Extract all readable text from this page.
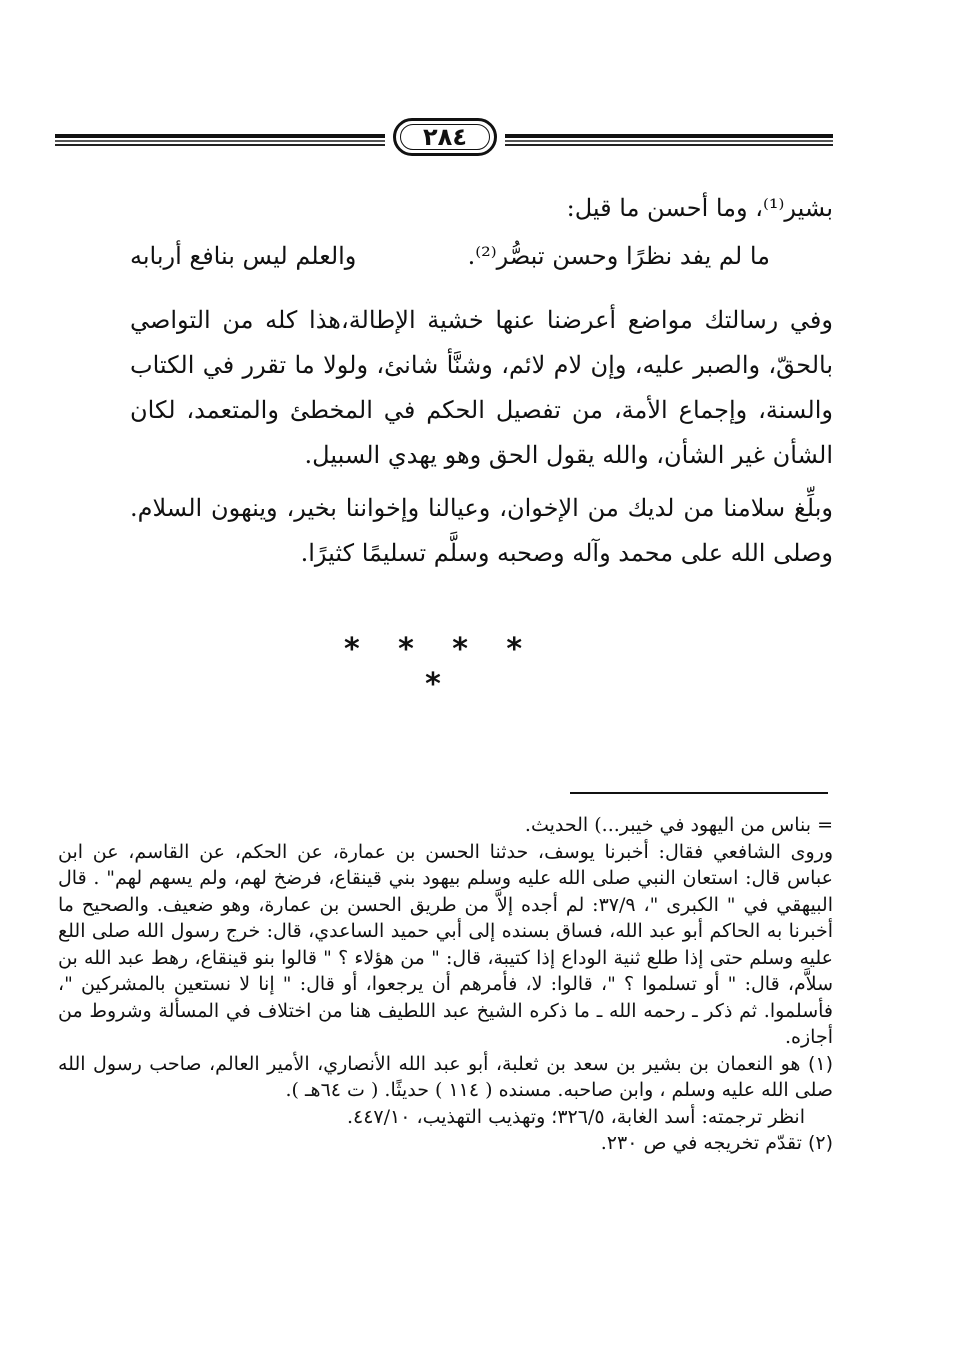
٢٨٤
بشير⁽¹⁾، وما أحسن ما قيل:
والعلم ليس بنافع أربابه	ما لم يفد نظرًا وحسن تبصُّر⁽²⁾.

وفي رسالتك مواضع أعرضنا عنها خشية الإطالة،هذا كله من التواصي بالحقّ، والصبر عليه، وإن لام لائم، وشنَّأ شانئ، ولولا ما تقرر في الكتاب والسنة، وإجماع الأمة، من تفصيل الحكم في المخطئ والمتعمد، لكان الشأن غير الشأن، والله يقول الحق وهو يهدي السبيل.

وبلِّغ سلامنا من لديك من الإخوان، وعيالنا وإخواننا بخير، وينهون السلام. وصلى الله على محمد وآله وصحبه وسلَّم تسليمًا كثيرًا.

* * * * *

= بناس من اليهود في خيبر...) الحديث.

وروى الشافعي فقال: أخبرنا يوسف، حدثنا الحسن بن عمارة، عن الحكم، عن القاسم، عن ابن عباس قال: استعان النبي صلى الله عليه وسلم بيهود بني قينقاع، فرضخ لهم، ولم يسهم لهم" . قال البيهقي في " الكبرى "، ٣٧/٩: لم أجده إلاَّ من طريق الحسن بن عمارة، وهو ضعيف. والصحيح ما أخبرنا به الحاكم أبو عبد الله، فساق بسنده إلى أبي حميد الساعدي، قال: خرج رسول الله صلى اللع عليه وسلم حتى إذا طلع ثنية الوداع إذا كتيبة، قال: " من هؤلاء ؟ " قالوا بنو قينقاع، رهط عبد الله بن سلاَّم، قال: " أو تسلموا ؟ "، قالوا: لا، فأمرهم أن يرجعوا، أو قال: " إنا لا نستعين بالمشركين "، فأسلموا. ثم ذكر ـ رحمه الله ـ ما ذكره الشيخ عبد اللطيف هنا من اختلاف في المسألة وشروط من أجازه.

(١) هو النعمان بن بشير بن سعد بن ثعلبة، أبو عبد الله الأنصاري، الأمير العالم، صاحب رسول الله صلى الله عليه وسلم ، وابن صاحبه. مسنده ( ١١٤ ) حديثًا. ( ت ٦٤هـ ).

انظر ترجمته: أسد الغابة، ٣٢٦/٥؛ وتهذيب التهذيب، ٤٤٧/١٠.

(٢) تقدّم تخريجه في ص ٢٣٠.
